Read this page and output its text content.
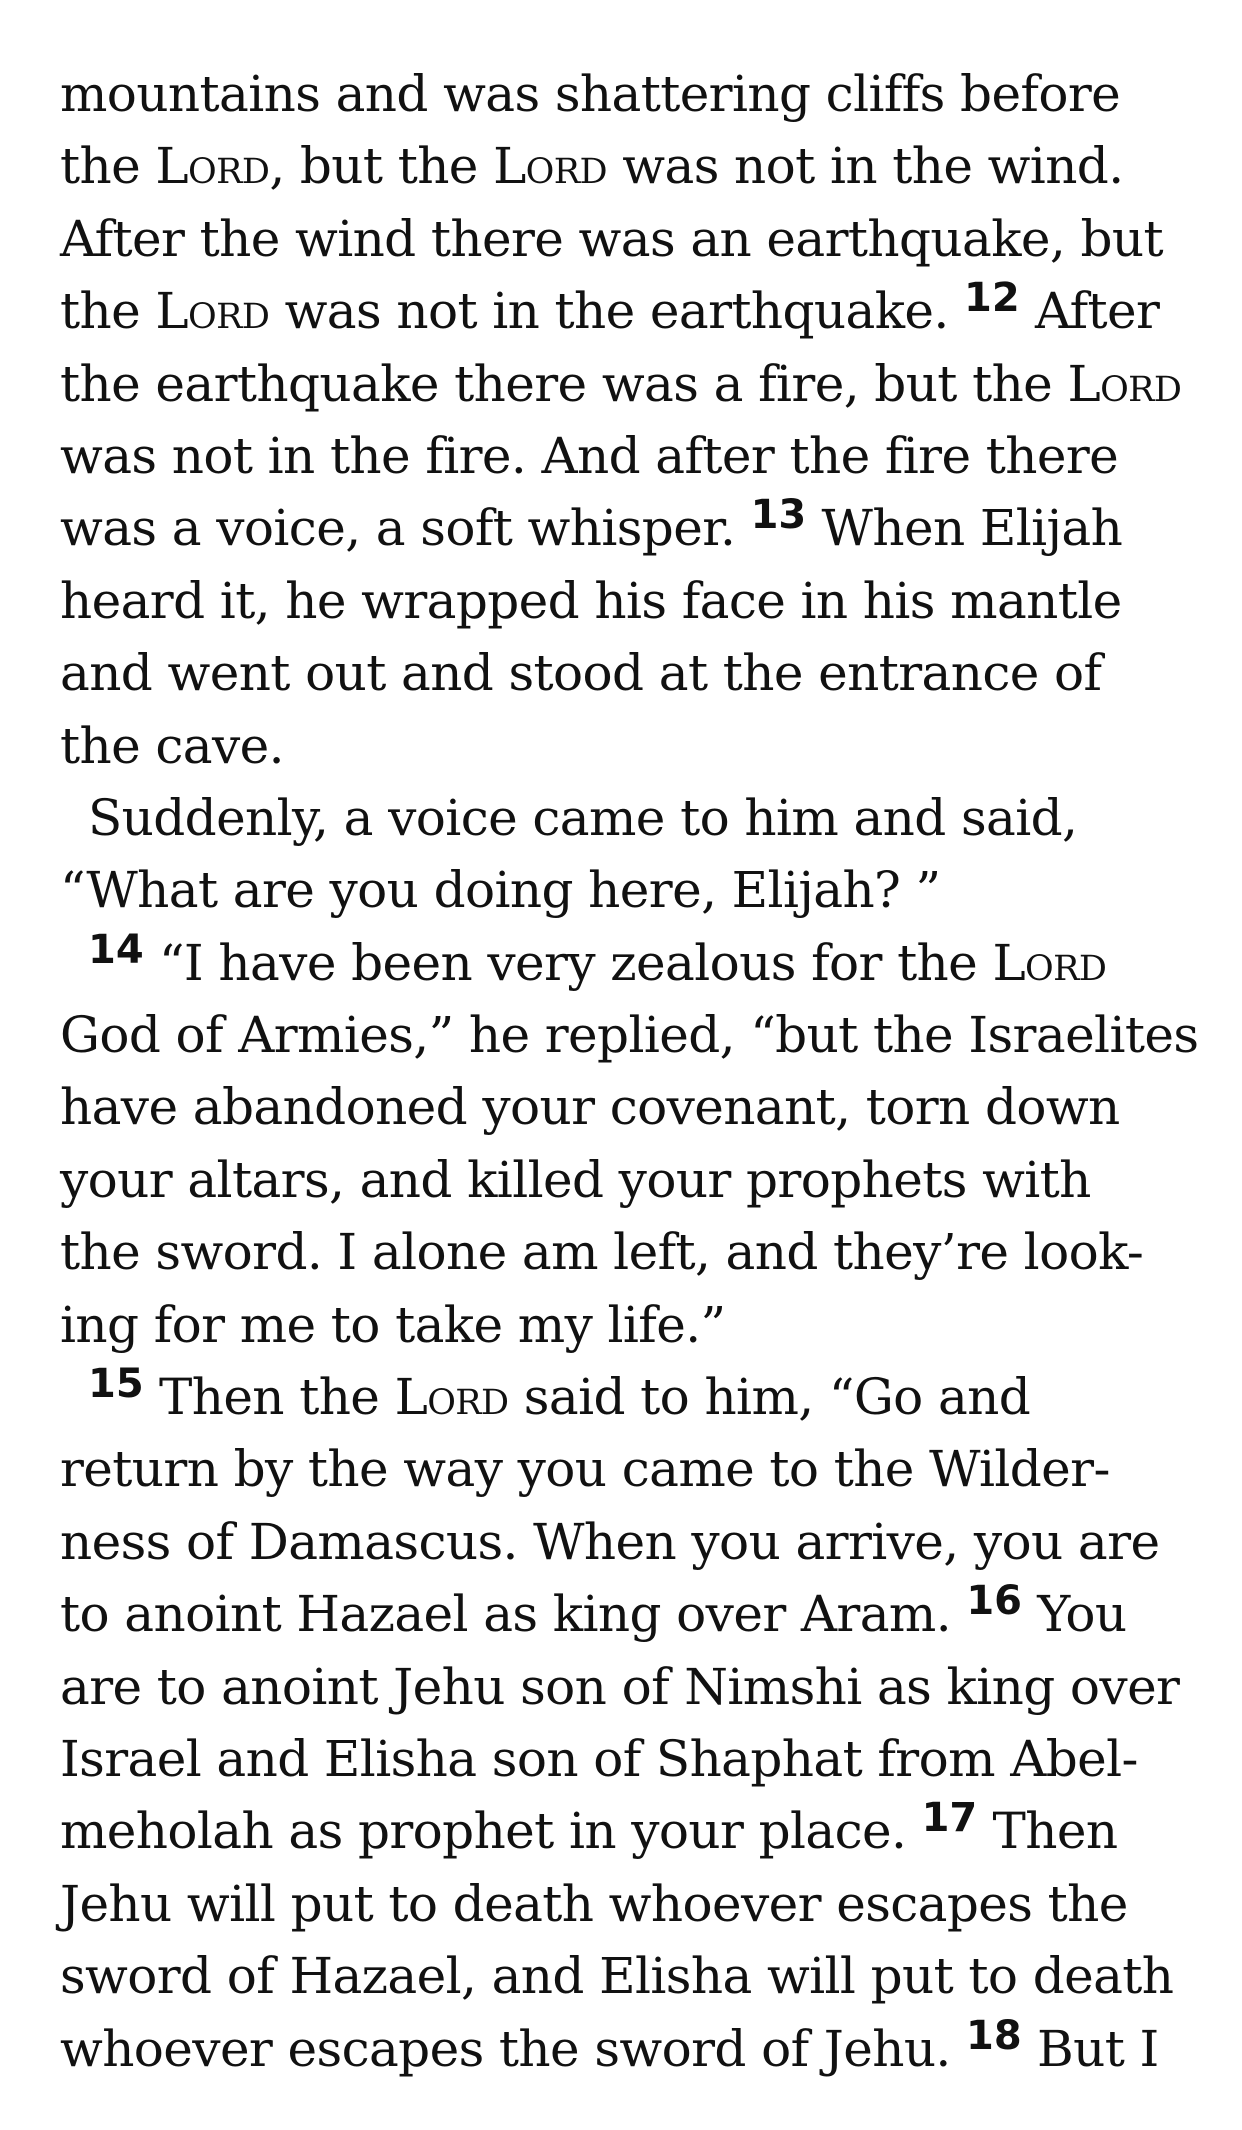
mountains and was shattering cliffs before
the Lord, but the Lord was not in the wind.
After the wind there was an earthquake, but
the Lord was not in the earthquake. $^{12}$ After
the earthquake there was a fire, but the Lord
was not in the fire. And after the fire there
was a voice, a soft whisper. $^{13}$ When Elijah
heard it, he wrapped his face in his mantle
and went out and stood at the entrance of
the cave.
Suddenly, a voice came to him and said,
“What are you doing here, Elijah? ”
$^{14}$ “I have been very zealous for the Lord
God of Armies,” he replied, “but the Israelites
have abandoned your covenant, torn down
your altars, and killed your prophets with
the sword. I alone am left, and they’re look-
ing for me to take my life.”
$^{15}$ Then the Lord said to him, “Go and
return by the way you came to the Wilder-
ness of Damascus. When you arrive, you are
to anoint Hazael as king over Aram. $^{16}$ You
are to anoint Jehu son of Nimshi as king over
Israel and Elisha son of Shaphat from Abel-
meholah as prophet in your place. $^{17}$ Then
Jehu will put to death whoever escapes the
sword of Hazael, and Elisha will put to death
whoever escapes the sword of Jehu. $^{18}$ But I
